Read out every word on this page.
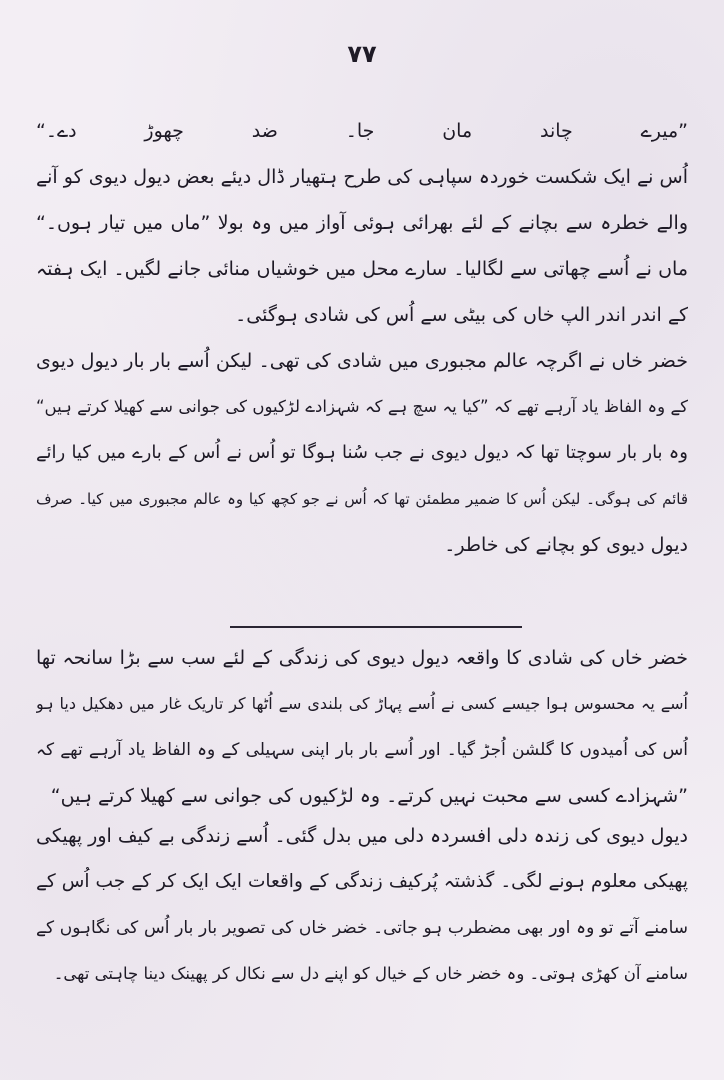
۷۷
”میرے چاند مان جا۔ ضد چھوڑ دے۔“
اُس نے ایک شکست خوردہ سپاہی کی طرح ہتھیار ڈال دیئے بعض دیول دیوی کو آنے
والے خطرہ سے بچانے کے لئے بھرائی ہوئی آواز میں وہ بولا ”ماں میں تیار ہوں۔“
ماں نے اُسے چھاتی سے لگالیا۔ سارے محل میں خوشیاں منائی جانے لگیں۔ ایک ہفتہ
کے اندر اندر الپ خاں کی بیٹی سے اُس کی شادی ہوگئی۔
خضر خاں نے اگرچہ عالم مجبوری میں شادی کی تھی۔ لیکن اُسے بار بار دیول دیوی
کے وہ الفاظ یاد آرہے تھے کہ ”کیا یہ سچ ہے کہ شہزادے لڑکیوں کی جوانی سے کھیلا کرتے ہیں“
وہ بار بار سوچتا تھا کہ دیول دیوی نے جب سُنا ہوگا تو اُس نے اُس کے بارے میں کیا رائے
قائم کی ہوگی۔ لیکن اُس کا ضمیر مطمئن تھا کہ اُس نے جو کچھ کیا وہ عالم مجبوری میں کیا۔ صرف
دیول دیوی کو بچانے کی خاطر۔
خضر خاں کی شادی کا واقعہ دیول دیوی کی زندگی کے لئے سب سے بڑا سانحہ تھا
اُسے یہ محسوس ہوا جیسے کسی نے اُسے پہاڑ کی بلندی سے اُٹھا کر تاریک غار میں دھکیل دیا ہو
اُس کی اُمیدوں کا گلشن اُجڑ گیا۔ اور اُسے بار بار اپنی سہیلی کے وہ الفاظ یاد آرہے تھے کہ
”شہزادے کسی سے محبت نہیں کرتے۔ وہ لڑکیوں کی جوانی سے کھیلا کرتے ہیں“
دیول دیوی کی زندہ دلی افسردہ دلی میں بدل گئی۔ اُسے زندگی بے کیف اور پھیکی
پھیکی معلوم ہونے لگی۔ گذشتہ پُرکیف زندگی کے واقعات ایک ایک کر کے جب اُس کے
سامنے آتے تو وہ اور بھی مضطرب ہو جاتی۔ خضر خاں کی تصویر بار بار اُس کی نگاہوں کے
سامنے آن کھڑی ہوتی۔ وہ خضر خاں کے خیال کو اپنے دل سے نکال کر پھینک دینا چاہتی تھی۔
